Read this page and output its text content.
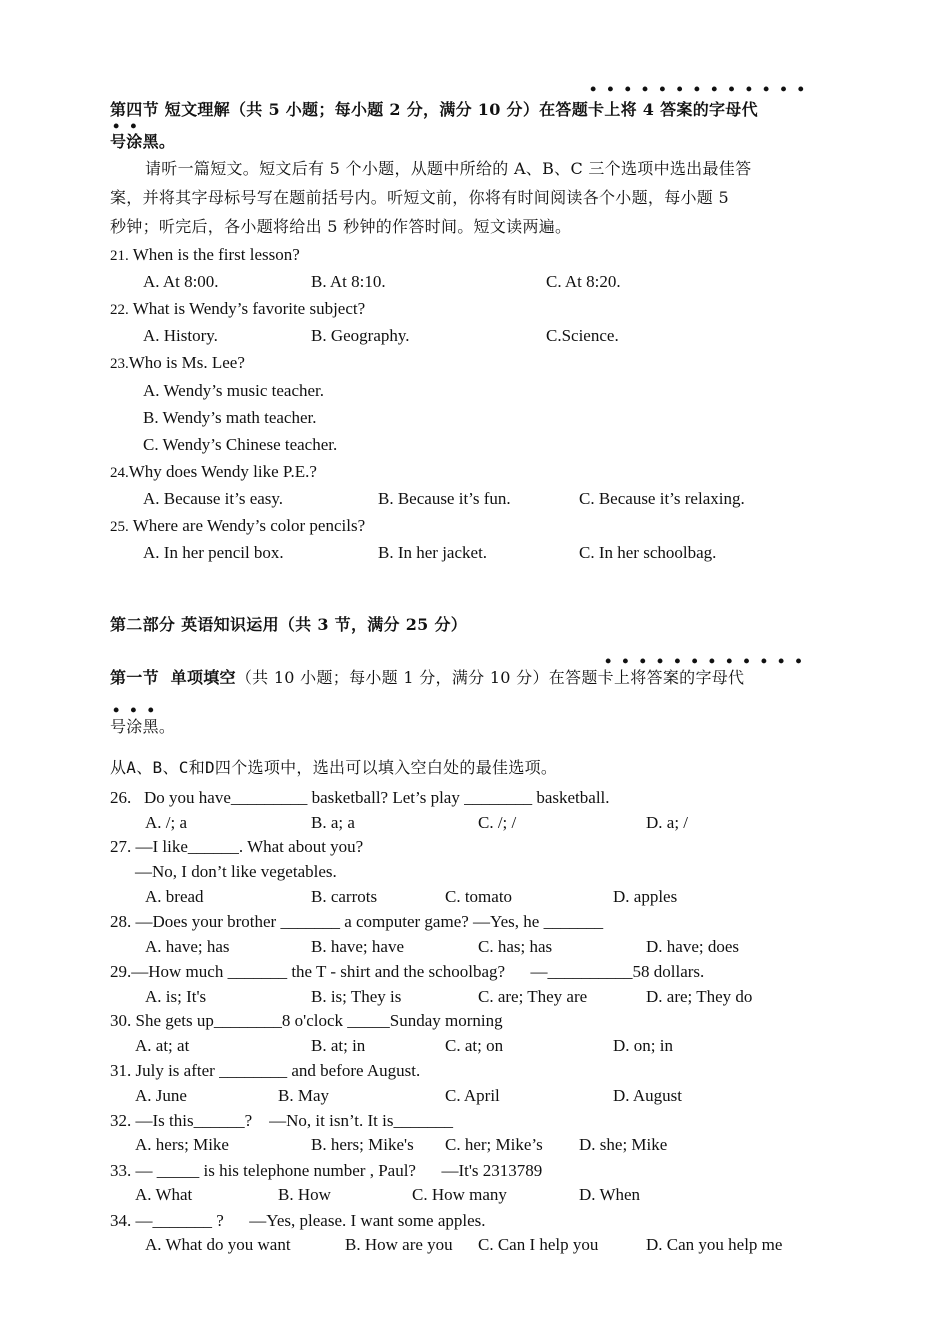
•••••••••••••
第四节 短文理解（共 5 小题；每小题 2 分，满分 10 分）在答题卡上将 4 答案的字母代
••
号涂黑。
请听一篇短文。短文后有 5 个小题，从题中所给的 A、B、C 三个选项中选出最佳答
案，并将其字母标号写在题前括号内。听短文前，你将有时间阅读各个小题，每小题 5
秒钟；听完后，各小题将给出 5 秒钟的作答时间。短文读两遍。
21. When is the first lesson?
A. At 8:00.	B. At 8:10.	C. At 8:20.
22. What is Wendy’s favorite subject?
A. History.	B. Geography.	C.Science.
23.Who is Ms. Lee?
A. Wendy’s music teacher.
B. Wendy’s math teacher.
C. Wendy’s Chinese teacher.
24.Why does Wendy like P.E.?
A. Because it’s easy.	B. Because it’s fun.	C. Because it’s relaxing.
25. Where are Wendy’s color pencils?
A. In her pencil box.	B. In her jacket.	C. In her schoolbag.
第二部分 英语知识运用（共 3 节，满分 25 分）
••••••••••••
第一节  单项填空（共 10 小题；每小题 1 分，满分 10 分）在答题卡上将答案的字母代
•••
号涂黑。
从A、B、C和D四个选项中，选出可以填入空白处的最佳选项。
26.   Do you have_________ basketball? Let’s play ________ basketball.
A. /; a	B. a; a	C. /; /	D. a; /
27. —I like______. What about you?
—No, I don’t like vegetables.
A. bread	B. carrots	C. tomato	D. apples
28. —Does your brother _______ a computer game? —Yes, he _______
A. have; has	B. have; have	C. has; has	D. have; does
29.—How much _______ the T - shirt and the schoolbag?      —__________58 dollars.
A. is; It's	B. is; They is	C. are; They are	D. are; They do
30. She gets up________8 o'clock _____Sunday morning
A. at; at	B. at; in	C. at; on	D. on; in
31. July is after ________ and before August.
A. June	B. May	C. April	D. August
32. —Is this______?    —No, it isn’t. It is_______
A. hers; Mike	B. hers; Mike's C. her; Mike’s D. she; Mike
33. — _____ is his telephone number , Paul?      —It's 2313789
A. What	B. How	C. How many	D. When
34. —_______ ?      —Yes, please. I want some apples.
A. What do you want	B. How are you C. Can I help you	D. Can you help me
